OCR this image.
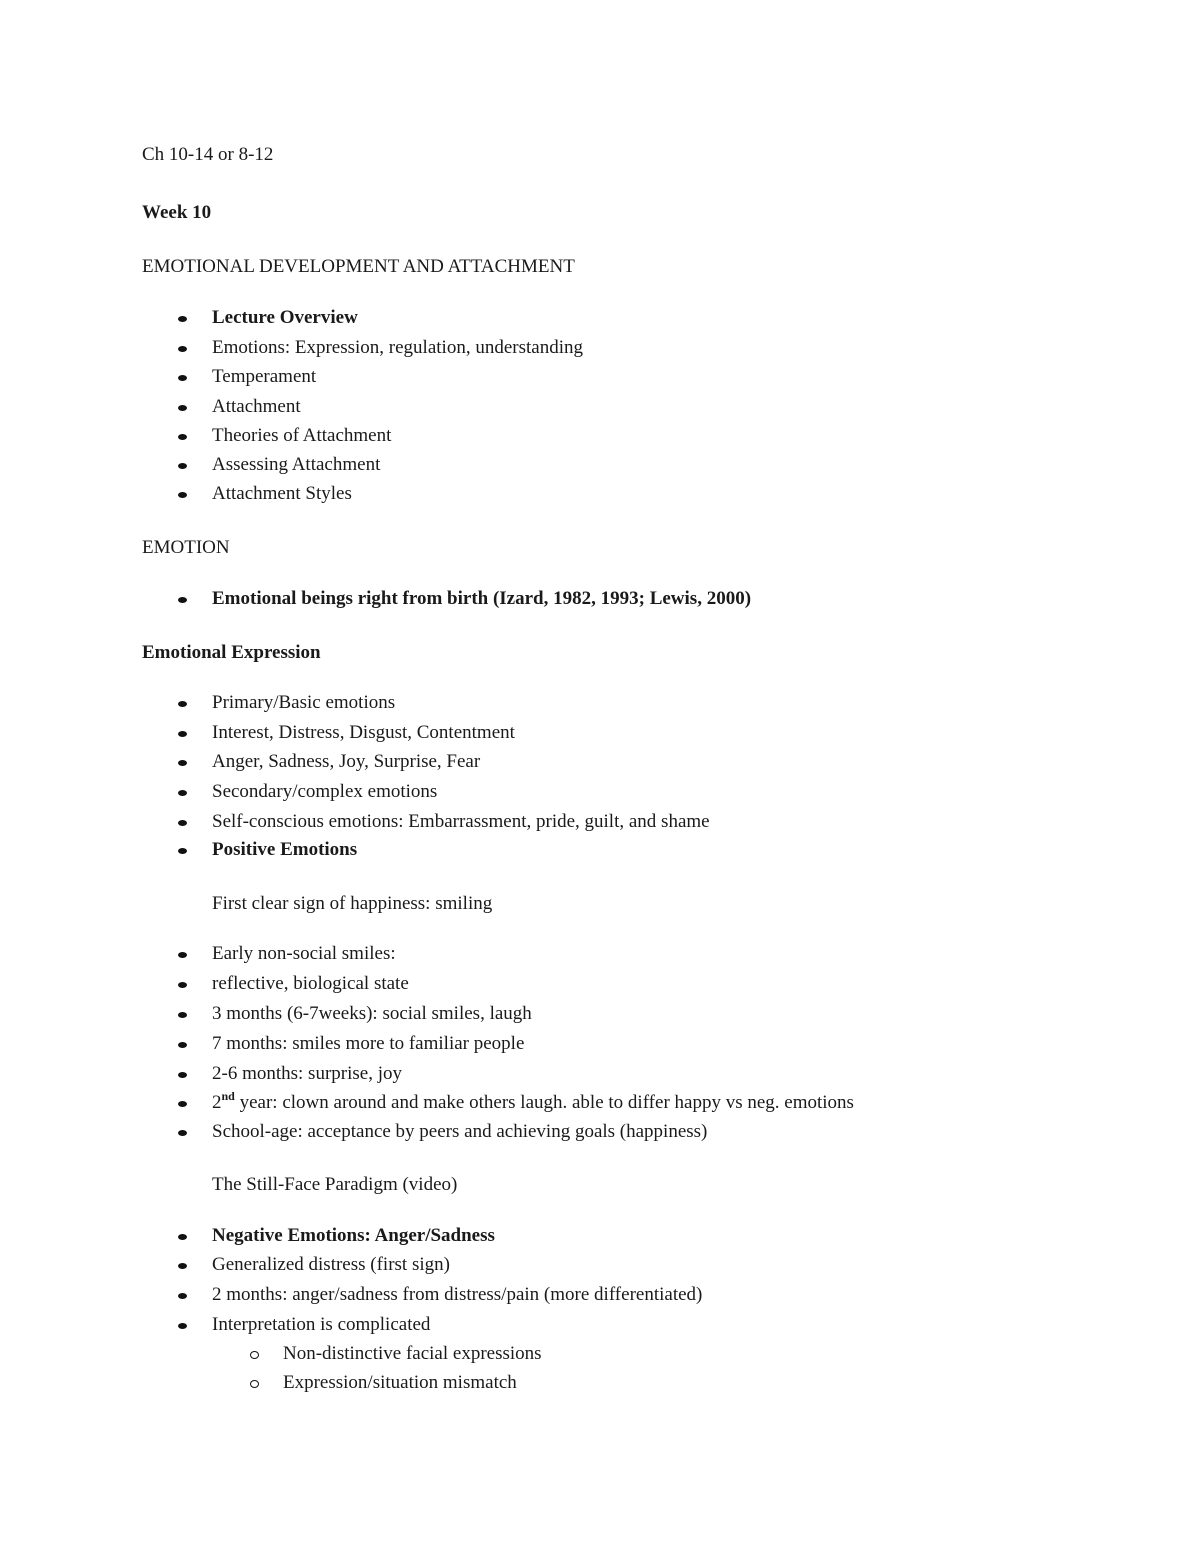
Ch 10-14 or 8-12
Week 10
EMOTIONAL DEVELOPMENT AND ATTACHMENT
Lecture Overview
Emotions: Expression, regulation, understanding
Temperament
Attachment
Theories of Attachment
Assessing Attachment
Attachment Styles
EMOTION
Emotional beings right from birth (Izard, 1982, 1993; Lewis, 2000)
Emotional Expression
Primary/Basic emotions
Interest, Distress, Disgust, Contentment
Anger, Sadness, Joy, Surprise, Fear
Secondary/complex emotions
Self-conscious emotions: Embarrassment, pride, guilt, and shame
Positive Emotions
First clear sign of happiness: smiling
Early non-social smiles:
reflective, biological state
3 months (6-7weeks): social smiles, laugh
7 months: smiles more to familiar people
2-6 months: surprise, joy
2nd year: clown around and make others laugh. able to differ happy vs neg. emotions
School-age: acceptance by peers and achieving goals (happiness)
The Still-Face Paradigm (video)
Negative Emotions: Anger/Sadness
Generalized distress (first sign)
2 months: anger/sadness from distress/pain (more differentiated)
Interpretation is complicated
Non-distinctive facial expressions
Expression/situation mismatch
